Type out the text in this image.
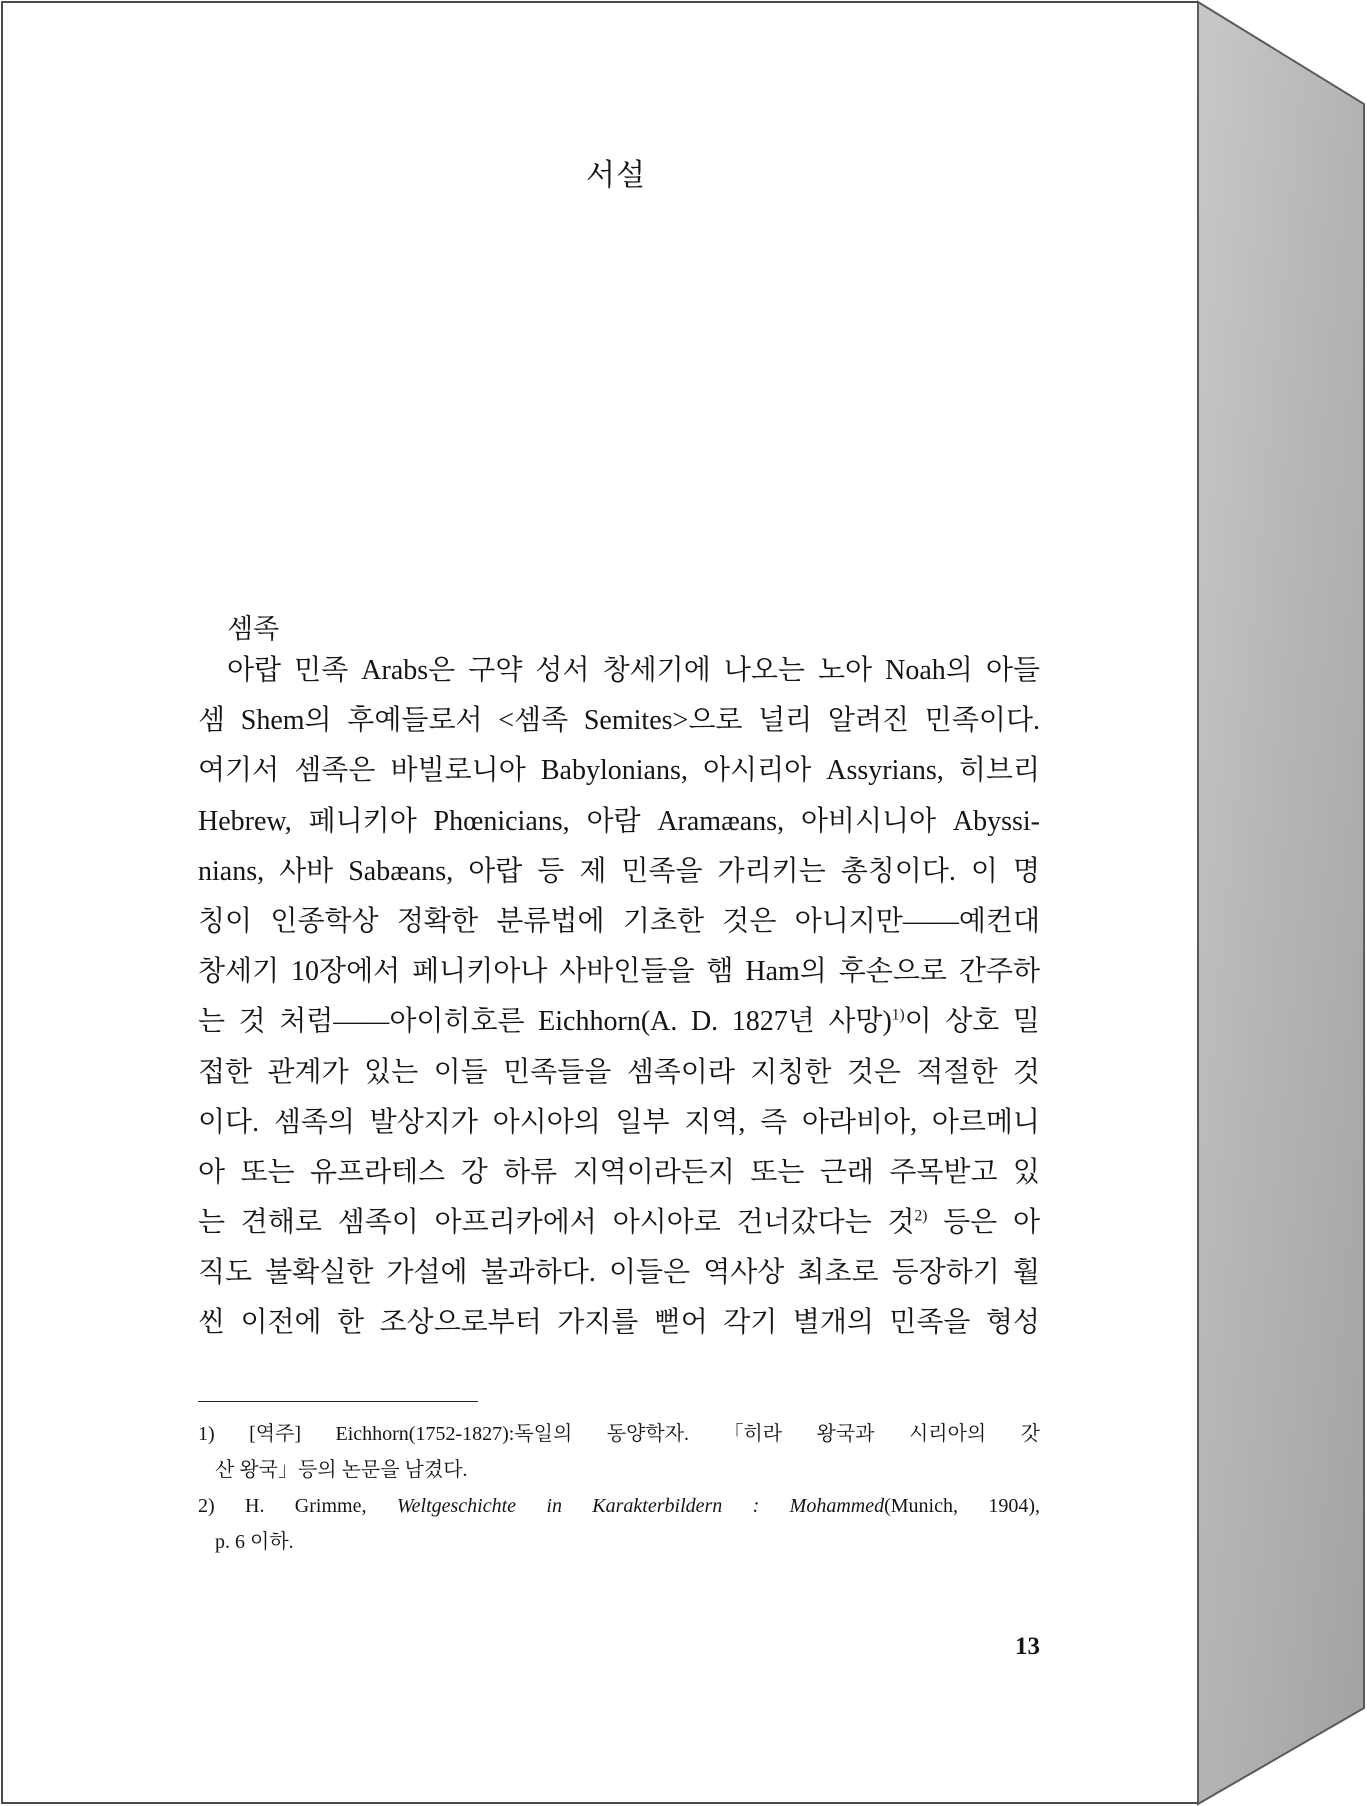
서설
셈족
아랍 민족 Arabs은 구약 성서 창세기에 나오는 노아 Noah의 아들
셈 Shem의 후예들로서 <셈족 Semites>으로 널리 알려진 민족이다.
여기서 셈족은 바빌로니아 Babylonians, 아시리아 Assyrians, 히브리
Hebrew, 페니키아 Phœnicians, 아람 Aramæans, 아비시니아 Abyssi-
nians, 사바 Sabæans, 아랍 등 제 민족을 가리키는 총칭이다. 이 명
칭이 인종학상 정확한 분류법에 기초한 것은 아니지만——예컨대
창세기 10장에서 페니키아나 사바인들을 햄 Ham의 후손으로 간주하
는 것 처럼——아이히호른 Eichhorn(A. D. 1827년 사망)$^{1)}$이 상호 밀
접한 관계가 있는 이들 민족들을 셈족이라 지칭한 것은 적절한 것
이다. 셈족의 발상지가 아시아의 일부 지역, 즉 아라비아, 아르메니
아 또는 유프라테스 강 하류 지역이라든지 또는 근래 주목받고 있
는 견해로 셈족이 아프리카에서 아시아로 건너갔다는 것$^{2)}$ 등은 아
직도 불확실한 가설에 불과하다. 이들은 역사상 최초로 등장하기 훨
씬 이전에 한 조상으로부터 가지를 뻗어 각기 별개의 민족을 형성
1) [역주] Eichhorn(1752-1827):독일의 동양학자. 「히라 왕국과 시리아의 갓
산 왕국」등의 논문을 남겼다.
2) H. Grimme, Weltgeschichte in Karakterbildern : Mohammed(Munich, 1904),
p. 6 이하.
13
